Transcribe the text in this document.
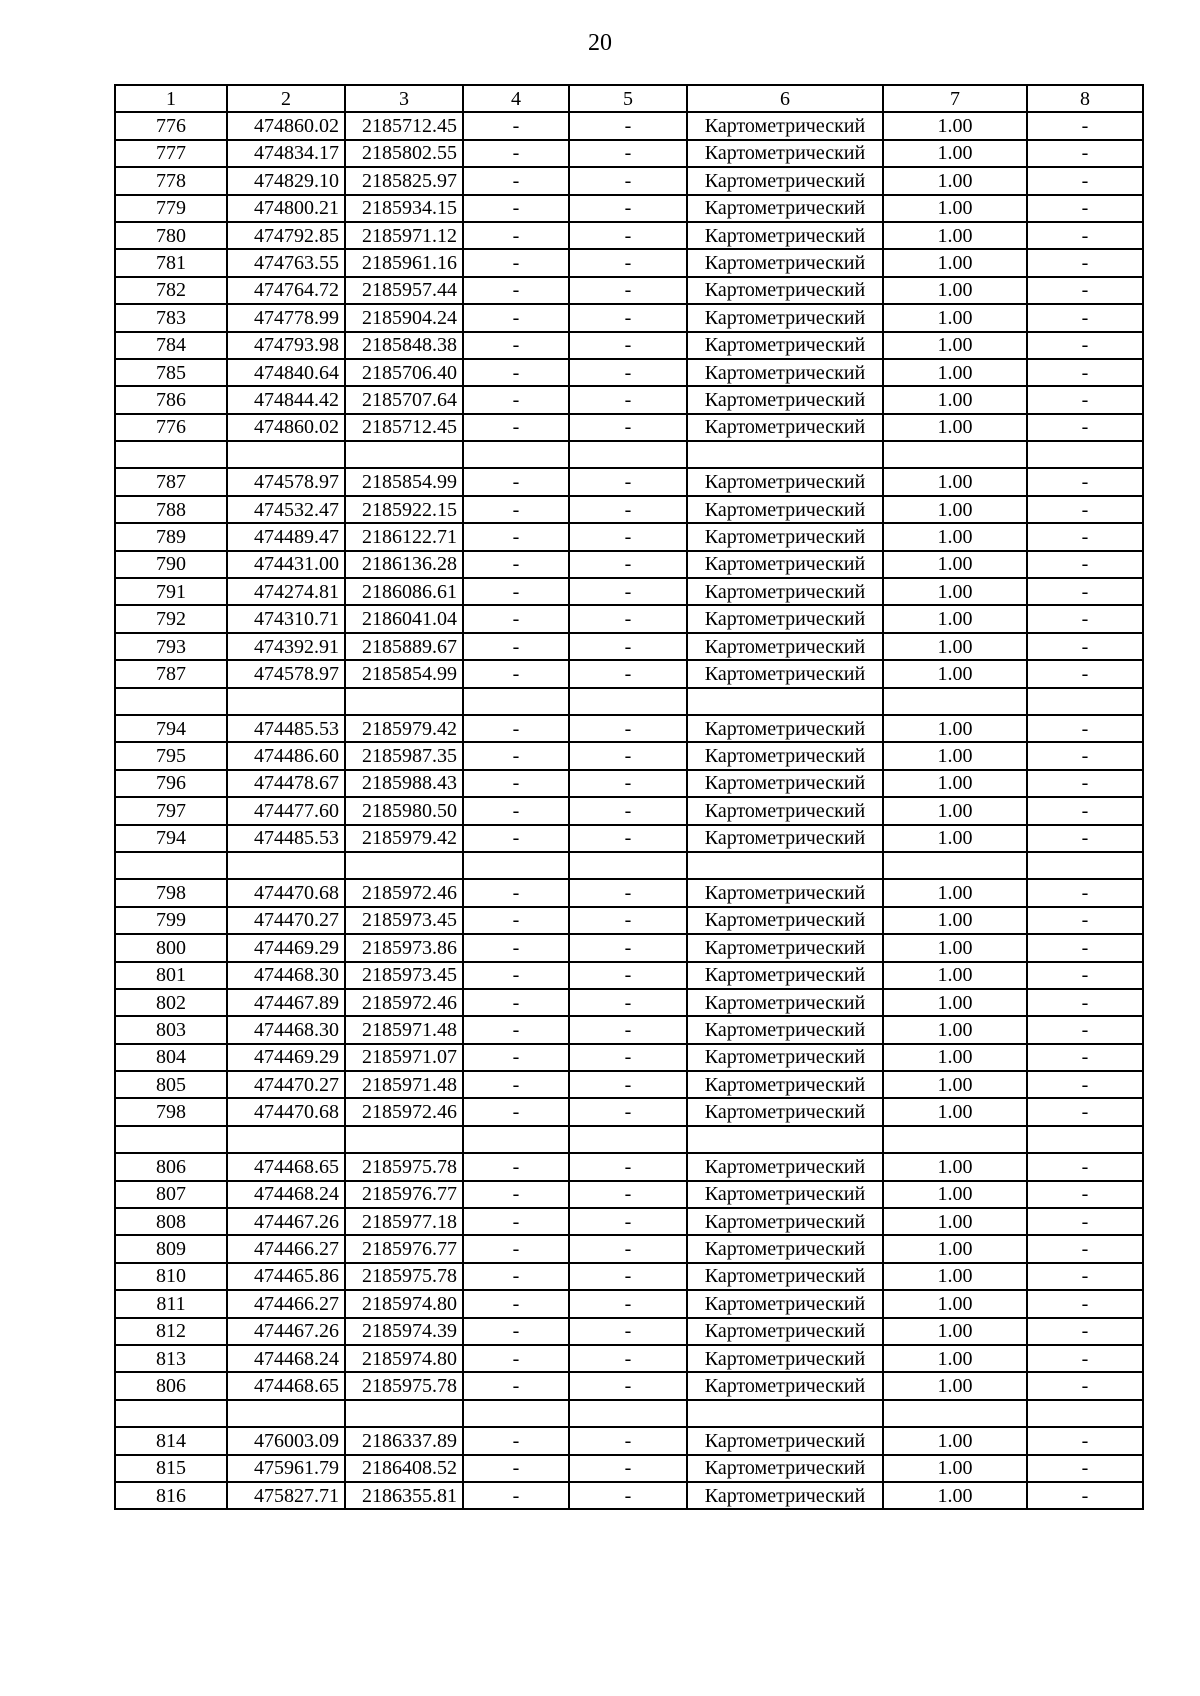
20
1	2	3	4	5	6	7	8
776	474860.02	2185712.45	-	-	Картометрический	1.00	-
777	474834.17	2185802.55	-	-	Картометрический	1.00	-
778	474829.10	2185825.97	-	-	Картометрический	1.00	-
779	474800.21	2185934.15	-	-	Картометрический	1.00	-
780	474792.85	2185971.12	-	-	Картометрический	1.00	-
781	474763.55	2185961.16	-	-	Картометрический	1.00	-
782	474764.72	2185957.44	-	-	Картометрический	1.00	-
783	474778.99	2185904.24	-	-	Картометрический	1.00	-
784	474793.98	2185848.38	-	-	Картометрический	1.00	-
785	474840.64	2185706.40	-	-	Картометрический	1.00	-
786	474844.42	2185707.64	-	-	Картометрический	1.00	-
776	474860.02	2185712.45	-	-	Картометрический	1.00	-

787	474578.97	2185854.99	-	-	Картометрический	1.00	-
788	474532.47	2185922.15	-	-	Картометрический	1.00	-
789	474489.47	2186122.71	-	-	Картометрический	1.00	-
790	474431.00	2186136.28	-	-	Картометрический	1.00	-
791	474274.81	2186086.61	-	-	Картометрический	1.00	-
792	474310.71	2186041.04	-	-	Картометрический	1.00	-
793	474392.91	2185889.67	-	-	Картометрический	1.00	-
787	474578.97	2185854.99	-	-	Картометрический	1.00	-

794	474485.53	2185979.42	-	-	Картометрический	1.00	-
795	474486.60	2185987.35	-	-	Картометрический	1.00	-
796	474478.67	2185988.43	-	-	Картометрический	1.00	-
797	474477.60	2185980.50	-	-	Картометрический	1.00	-
794	474485.53	2185979.42	-	-	Картометрический	1.00	-

798	474470.68	2185972.46	-	-	Картометрический	1.00	-
799	474470.27	2185973.45	-	-	Картометрический	1.00	-
800	474469.29	2185973.86	-	-	Картометрический	1.00	-
801	474468.30	2185973.45	-	-	Картометрический	1.00	-
802	474467.89	2185972.46	-	-	Картометрический	1.00	-
803	474468.30	2185971.48	-	-	Картометрический	1.00	-
804	474469.29	2185971.07	-	-	Картометрический	1.00	-
805	474470.27	2185971.48	-	-	Картометрический	1.00	-
798	474470.68	2185972.46	-	-	Картометрический	1.00	-

806	474468.65	2185975.78	-	-	Картометрический	1.00	-
807	474468.24	2185976.77	-	-	Картометрический	1.00	-
808	474467.26	2185977.18	-	-	Картометрический	1.00	-
809	474466.27	2185976.77	-	-	Картометрический	1.00	-
810	474465.86	2185975.78	-	-	Картометрический	1.00	-
811	474466.27	2185974.80	-	-	Картометрический	1.00	-
812	474467.26	2185974.39	-	-	Картометрический	1.00	-
813	474468.24	2185974.80	-	-	Картометрический	1.00	-
806	474468.65	2185975.78	-	-	Картометрический	1.00	-

814	476003.09	2186337.89	-	-	Картометрический	1.00	-
815	475961.79	2186408.52	-	-	Картометрический	1.00	-
816	475827.71	2186355.81	-	-	Картометрический	1.00	-
